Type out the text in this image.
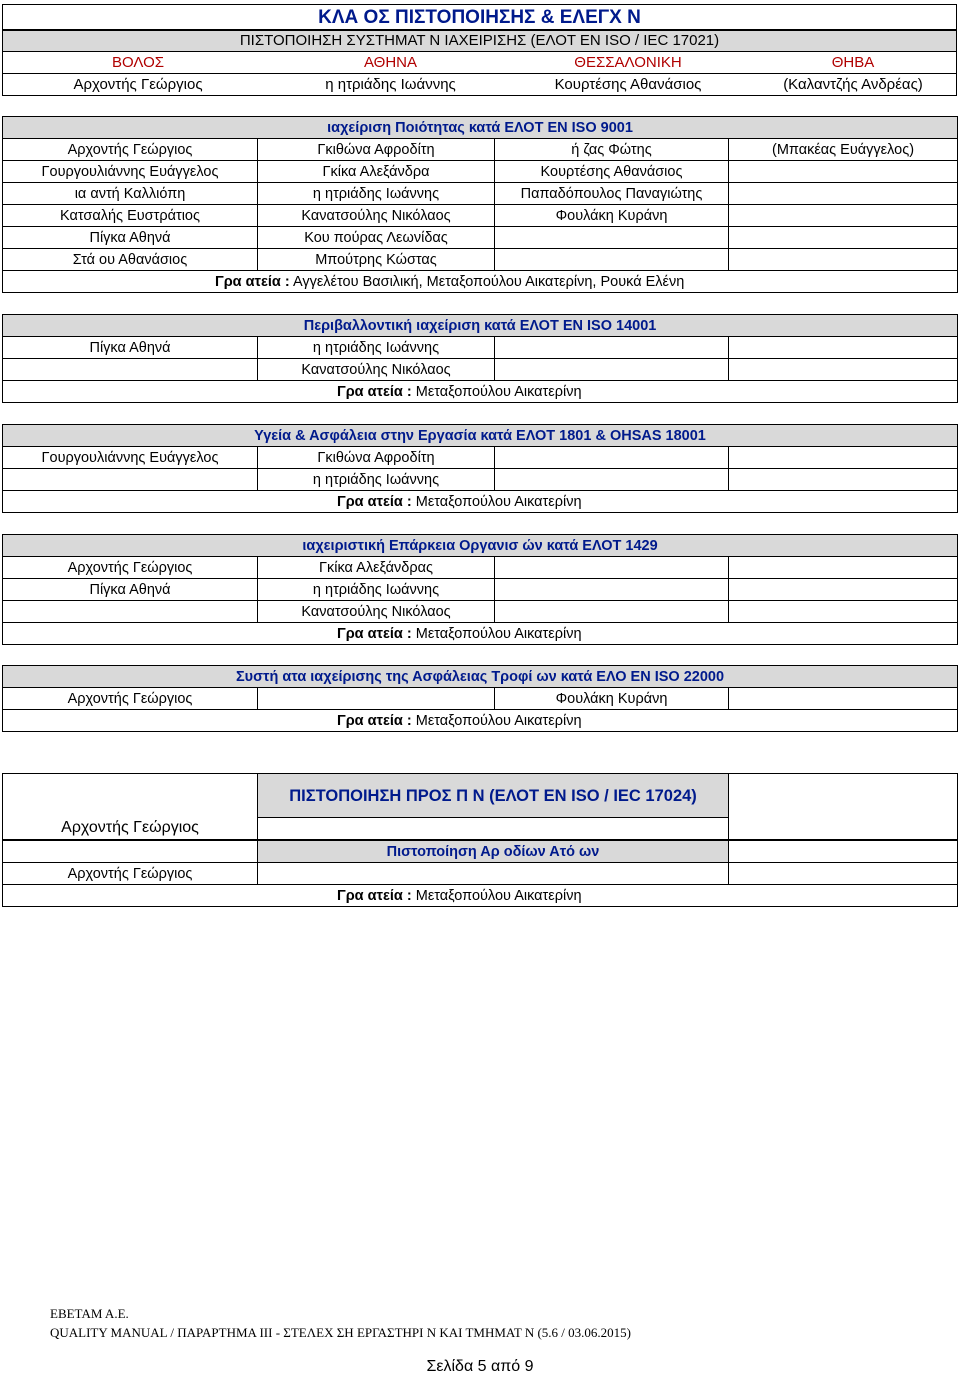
ΚΛΑ ΟΣ ΠΙΣΤΟΠΟΙΗΣΗΣ & ΕΛΕΓΧ Ν
ΠΙΣΤΟΠΟΙΗΣΗ ΣΥΣΤΗΜΑΤ Ν ΙΑΧΕΙΡΙΣΗΣ (ΕΛΟΤ ΕΝ ISO / IEC 17021)
ΒΟΛΟΣ	ΑΘΗΝΑ	ΘΕΣΣΑΛΟΝΙΚΗ	ΘΗΒΑ
Αρχοντής Γεώργιος	η ητριάδης Ιωάννης	Κουρτέσης Αθανάσιος	(Καλαντζής Ανδρέας)
ιαχείριση Ποιότητας κατά ΕΛΟΤ ΕΝ ISO 9001			
Αρχοντής Γεώργιος	Γκιθώνα Αφροδίτη	ή ζας Φώτης	(Μπακέας Ευάγγελος)
Γουργουλιάννης Ευάγγελος	Γκίκα Αλεξάνδρα	Κουρτέσης Αθανάσιος	
ια αντή Καλλιόπη	η ητριάδης Ιωάννης	Παπαδόπουλος Παναγιώτης	
Κατσαλής Ευστράτιος	Κανατσούλης Νικόλαος	Φουλάκη Κυράνη	
Πίγκα Αθηνά	Κου πούρας Λεωνίδας		
Στά ου Αθανάσιος	Μπούτρης Κώστας		
Γρα ατεία : Αγγελέτου Βασιλική, Μεταξοπούλου Αικατερίνη, Ρουκά Ελένη			
Περιβαλλοντική ιαχείριση κατά ΕΛΟΤ ΕΝ ISO 14001			
Πίγκα Αθηνά	η ητριάδης Ιωάννης		
	Κανατσούλης Νικόλαος		
Γρα ατεία : Μεταξοπούλου Αικατερίνη			
Υγεία & Ασφάλεια στην Εργασία κατά ΕΛΟΤ 1801 & OHSAS 18001			
Γουργουλιάννης Ευάγγελος	Γκιθώνα Αφροδίτη		
	η ητριάδης Ιωάννης		
Γρα ατεία : Μεταξοπούλου Αικατερίνη			
ιαχειριστική Επάρκεια Οργανισ ών κατά ΕΛΟΤ 1429			
Αρχοντής Γεώργιος	Γκίκα Αλεξάνδρας		
Πίγκα Αθηνά	η ητριάδης Ιωάννης		
	Κανατσούλης Νικόλαος		
Γρα ατεία : Μεταξοπούλου Αικατερίνη			
Συστή ατα ιαχείρισης της Ασφάλειας Τροφί ων κατά ΕΛΟ ΕΝ ISO 22000
Αρχοντής Γεώργιος		Φουλάκη Κυράνη	
Γρα ατεία : Μεταξοπούλου Αικατερίνη
Αρχοντής Γεώργιος	ΠΙΣΤΟΠΟΙΗΣΗ ΠΡΟΣ Π Ν (ΕΛΟΤ ΕΝ ISO / IEC 17024)	

	Πιστοποίηση Αρ οδίων Ατό ων	
Αρχοντής Γεώργιος		
Γρα ατεία : Μεταξοπούλου Αικατερίνη		
ΕΒΕΤΑΜ Α.Ε.
QUALITY MANUAL / ΠΑΡΑΡΤΗΜΑ ΙΙΙ - ΣΤΕΛΕΧ ΣΗ ΕΡΓΑΣΤΗΡΙ Ν ΚΑΙ ΤΜΗΜΑΤ Ν (5.6 / 03.06.2015)
Σελίδα 5 από 9
